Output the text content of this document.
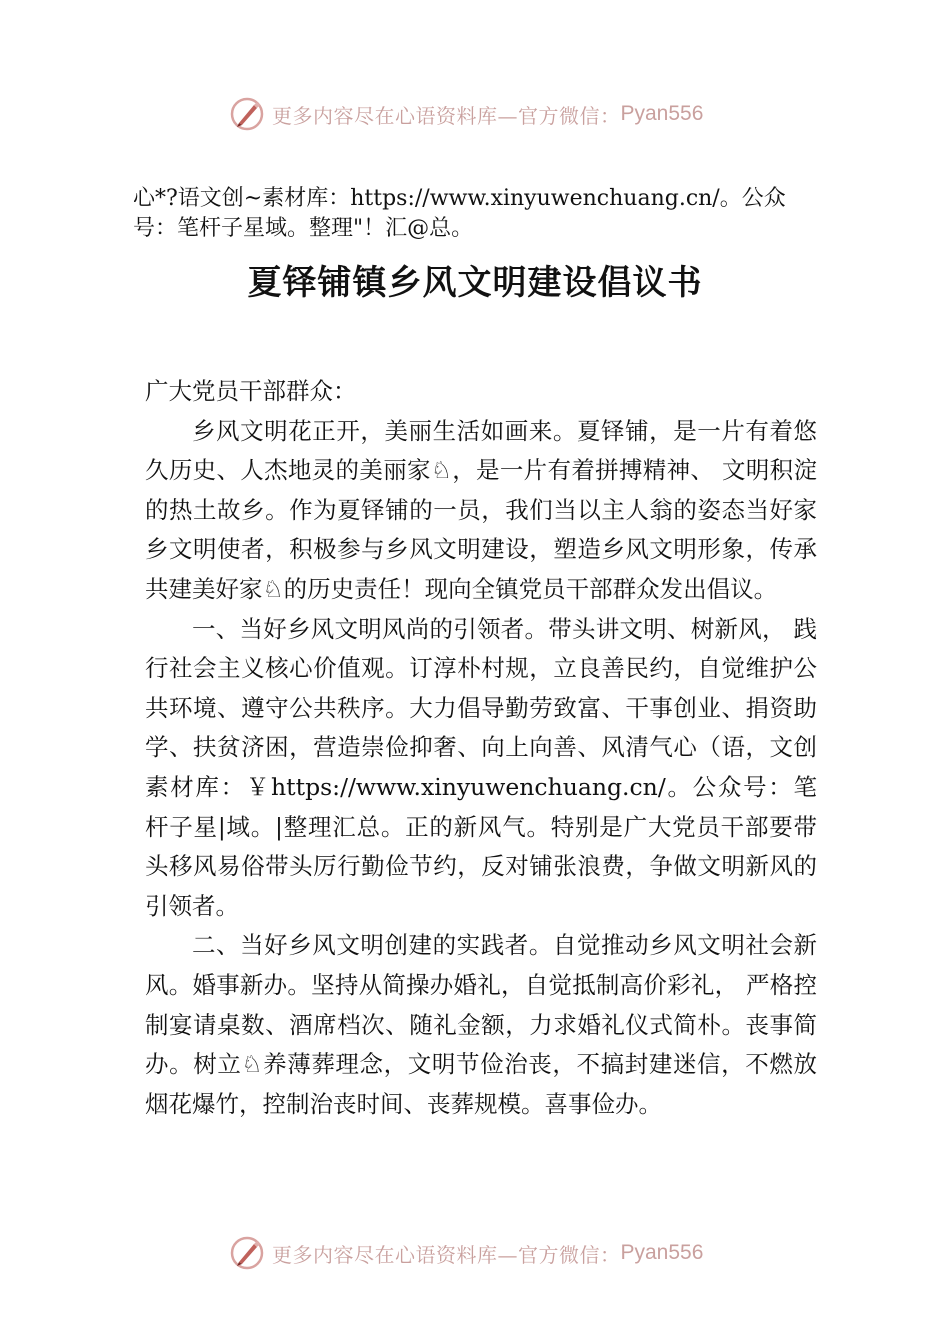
更多内容尽在心语资料库—官方微信： Pyan556
心*?语文创~素材库：https://www.xinyuwenchuang.cn/。公众号：笔杆子星域。整理"！汇@总。
夏铎铺镇乡风文明建设倡议书

广大党员干部群众：

乡风文明花正开，美丽生活如画来。夏铎铺，是一片有着悠久历史、人杰地灵的美丽家♘，是一片有着拼搏精神、 文明积淀的热土故乡。作为夏铎铺的一员，我们当以主人翁的姿态当好家乡文明使者，积极参与乡风文明建设，塑造乡风文明形象，传承共建美好家♘的历史责任！现向全镇党员干部群众发出倡议。

一、当好乡风文明风尚的引领者。带头讲文明、树新风， 践行社会主义核心价值观。订淳朴村规，立良善民约，自觉维护公共环境、遵守公共秩序。大力倡导勤劳致富、干事创业、捐资助学、扶贫济困，营造崇俭抑奢、向上向善、风清气心（语，文创素材库：￥https://www.xinyuwenchuang.cn/。公众号：笔杆子星|域。|整理汇总。正的新风气。特别是广大党员干部要带头移风易俗带头厉行勤俭节约，反对铺张浪费，争做文明新风的引领者。

二、当好乡风文明创建的实践者。自觉推动乡风文明社会新风。婚事新办。坚持从简操办婚礼，自觉抵制高价彩礼， 严格控制宴请桌数、酒席档次、随礼金额，力求婚礼仪式简朴。丧事简办。树立♘养薄葬理念，文明节俭治丧，不搞封建迷信，不燃放烟花爆竹，控制治丧时间、丧葬规模。喜事俭办。

更多内容尽在心语资料库—官方微信： Pyan556
